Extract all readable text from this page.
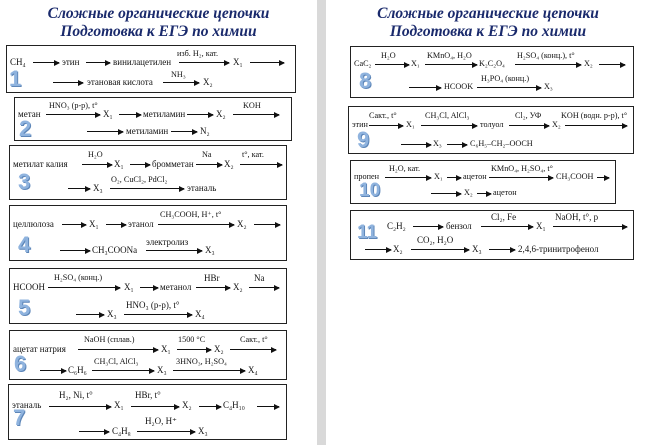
Сложные органические цепочки
Подготовка к ЕГЭ по химии
1
CH₄	этин	винилацетилен
изб. H₂, кат.
X₁
этановая кислота
NH₃
X₂
2
метан
HNO₃ (р-р), t°
X₁	метиламин	X₂
KOH
метиламин	N₂
3
метилат калия
H₂O
X₁	бромметан
Na
X₂
t°, кат.
X₃
O₂, CuCl₂, PdCl₂
этаналь
4
целлюлоза	X₁	этанол
CH₃COOH, H⁺, t°
X₂
CH₃COONa
электролиз
X₃
5
HCOOH
H₂SO₄ (конц.)
X₁	метанол
HBr
X₂
Na
X₃
HNO₃ (р-р), t°
X₄
6
ацетат натрия
NaOH (сплав.)
X₁
1500 °C
X₂
Cакт., t°
C₆H₆
CH₃Cl, AlCl₃
X₃
3HNO₃, H₂SO₄
X₄
7
этаналь
H₂, Ni, t°
X₁
HBr, t°
X₂	C₄H₁₀
C₄H₈
H₂O, H⁺
X₃
Сложные органические цепочки
Подготовка к ЕГЭ по химии
8
CaC₂
H₂O
X₁
KMnO₄, H₂O
K₂C₂O₄
H₂SO₄ (конц.), t°
X₂
HCOOK
H₃PO₄ (конц.)
X₃
9
этин
Cакт., t°
X₁
CH₃Cl, AlCl₃
толуол
Cl₂, УФ
X₂
KOH (водн. р-р), t°
X₃	C₆H₅–CH₂–OOCH
10
пропен
H₂O, кат.
X₁ ацетон
KMnO₄, H₂SO₄, t°
CH₃COOH
X₂ ацетон
11 C₂H₂	бензол
Cl₂, Fe
X₁
NaOH, t°, p
X₂
CO₂, H₂O
X₃	2,4,6-тринитрофенол
